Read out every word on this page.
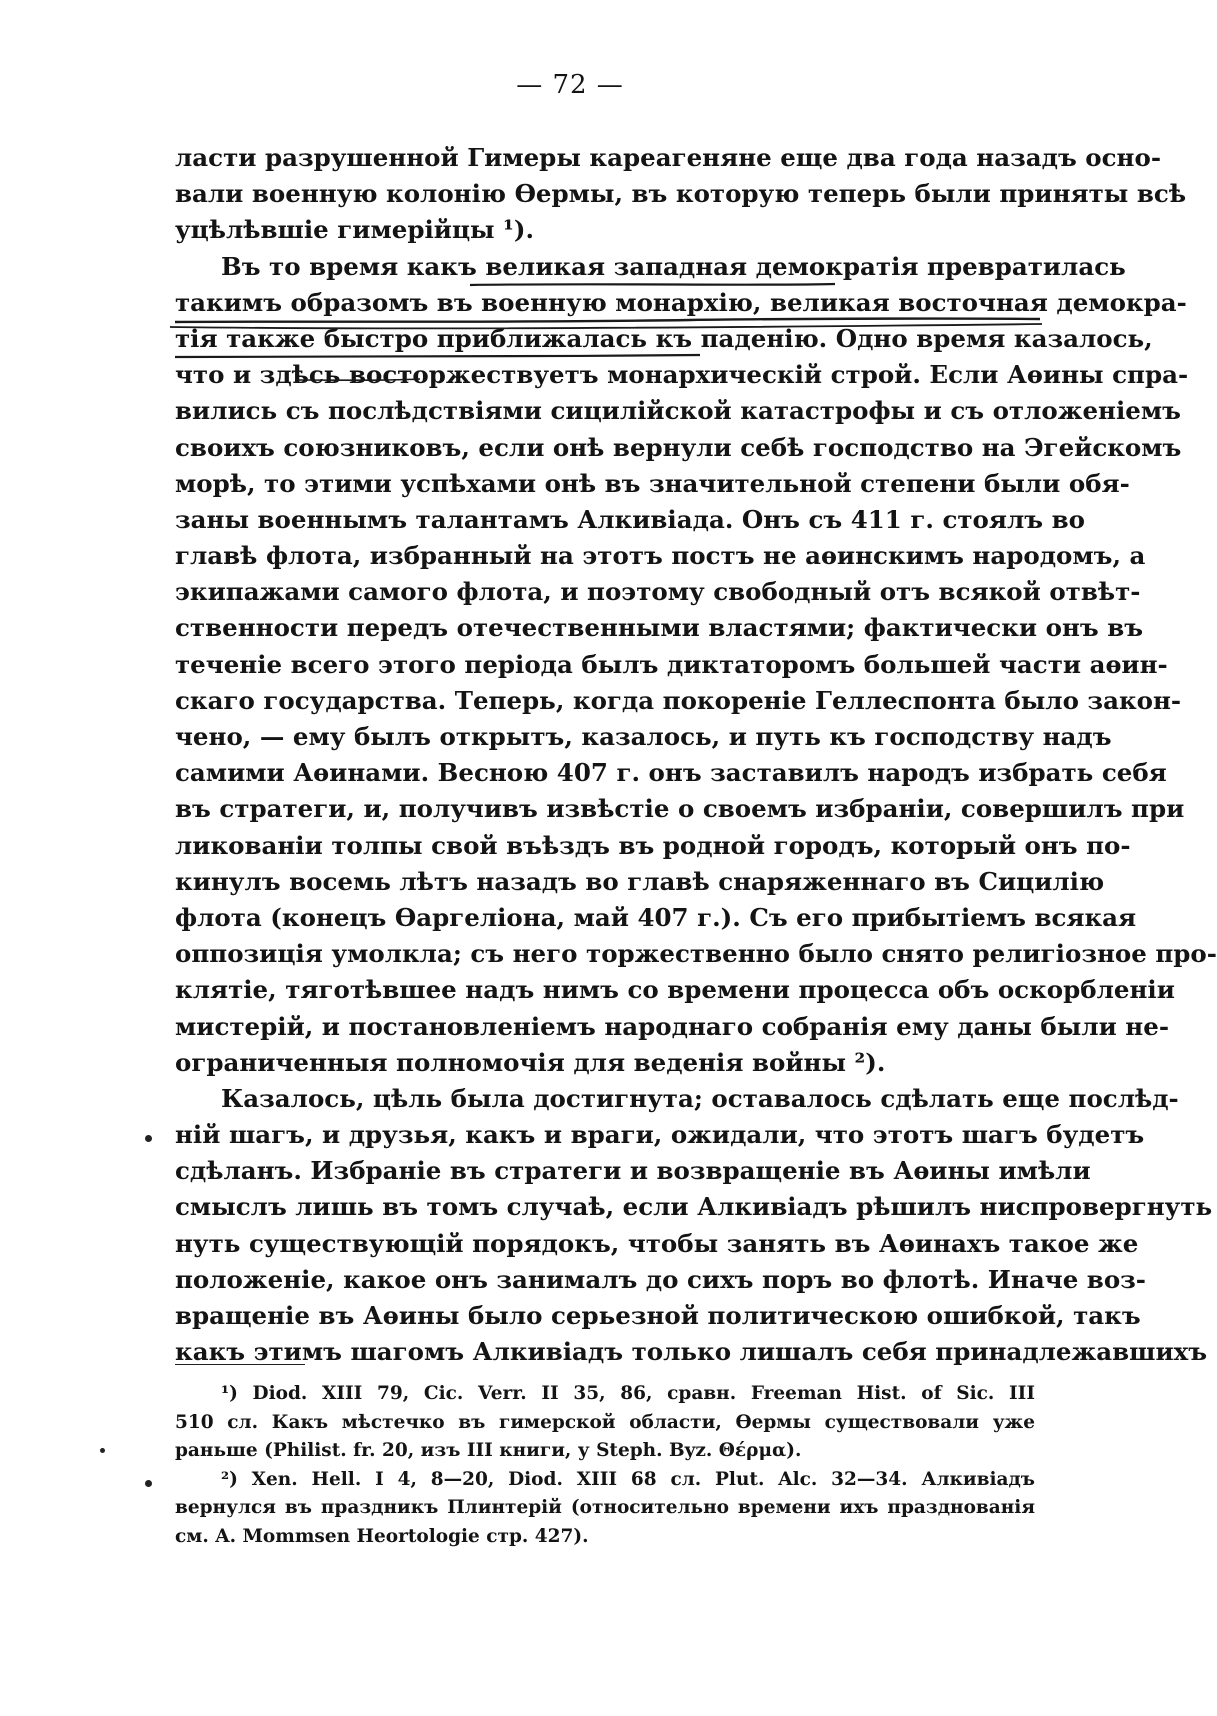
— 72 —
ласти разрушенной Гимеры кареагеняне еще два года назадъ осно-
вали военную колонію Өермы, въ которую теперь были приняты всѣ
уцѣлѣвшіе гимерійцы ¹).
Въ то время какъ великая западная демократія превратилась
такимъ образомъ въ военную монархію, великая восточная демокра-
тія также быстро приближалась къ паденію. Одно время казалось,
что и здѣсь восторжествуетъ монархическій строй. Если Аѳины спра-
вились съ послѣдствіями сицилійской катастрофы и съ отложеніемъ
своихъ союзниковъ, если онѣ вернули себѣ господство на Эгейскомъ
морѣ, то этими успѣхами онѣ въ значительной степени были обя-
заны военнымъ талантамъ Алкивіада. Онъ съ 411 г. стоялъ во
главѣ флота, избранный на этотъ постъ не аѳинскимъ народомъ, а
экипажами самого флота, и поэтому свободный отъ всякой отвѣт-
ственности передъ отечественными властями; фактически онъ въ
теченіе всего этого періода былъ диктаторомъ большей части аѳин-
скаго государства. Теперь, когда покореніе Геллеспонта было закон-
чено, — ему былъ открытъ, казалось, и путь къ господству надъ
самими Аѳинами. Весною 407 г. онъ заставилъ народъ избрать себя
въ стратеги, и, получивъ извѣстіе о своемъ избраніи, совершилъ при
ликованіи толпы свой въѣздъ въ родной городъ, который онъ по-
кинулъ восемь лѣтъ назадъ во главѣ снаряженнаго въ Сицилію
флота (конецъ Өаргеліона, май 407 г.). Съ его прибытіемъ всякая
оппозиція умолкла; съ него торжественно было снято религіозное про-
клятіе, тяготѣвшее надъ нимъ со времени процесса объ оскорбленіи
мистерій, и постановленіемъ народнаго собранія ему даны были не-
ограниченныя полномочія для веденія войны ²).
Казалось, цѣль была достигнута; оставалось сдѣлать еще послѣд-
ній шагъ, и друзья, какъ и враги, ожидали, что этотъ шагъ будетъ
сдѣланъ. Избраніе въ стратеги и возвращеніе въ Аѳины имѣли
смыслъ лишь въ томъ случаѣ, если Алкивіадъ рѣшилъ ниспровергнуть
нуть существующій порядокъ, чтобы занять въ Аѳинахъ такое же
положеніе, какое онъ занималъ до сихъ поръ во флотѣ. Иначе воз-
вращеніе въ Аѳины было серьезной политическою ошибкой, такъ
какъ этимъ шагомъ Алкивіадъ только лишалъ себя принадлежавшихъ
¹) Diod. XIII 79, Cic. Verr. II 35, 86, сравн. Freeman Hist. of Sic. III
510 сл. Какъ мѣстечко въ гимерской области, Өермы существовали уже
раньше (Philist. fr. 20, изъ III книги, у Steph. Byz. Θέρμα).
²) Xen. Hell. I 4, 8—20, Diod. XIII 68 сл. Plut. Alc. 32—34. Алкивіадъ
вернулся въ праздникъ Плинтерій (относительно времени ихъ празднованія
см. A. Mommsen Heortologie стр. 427).
